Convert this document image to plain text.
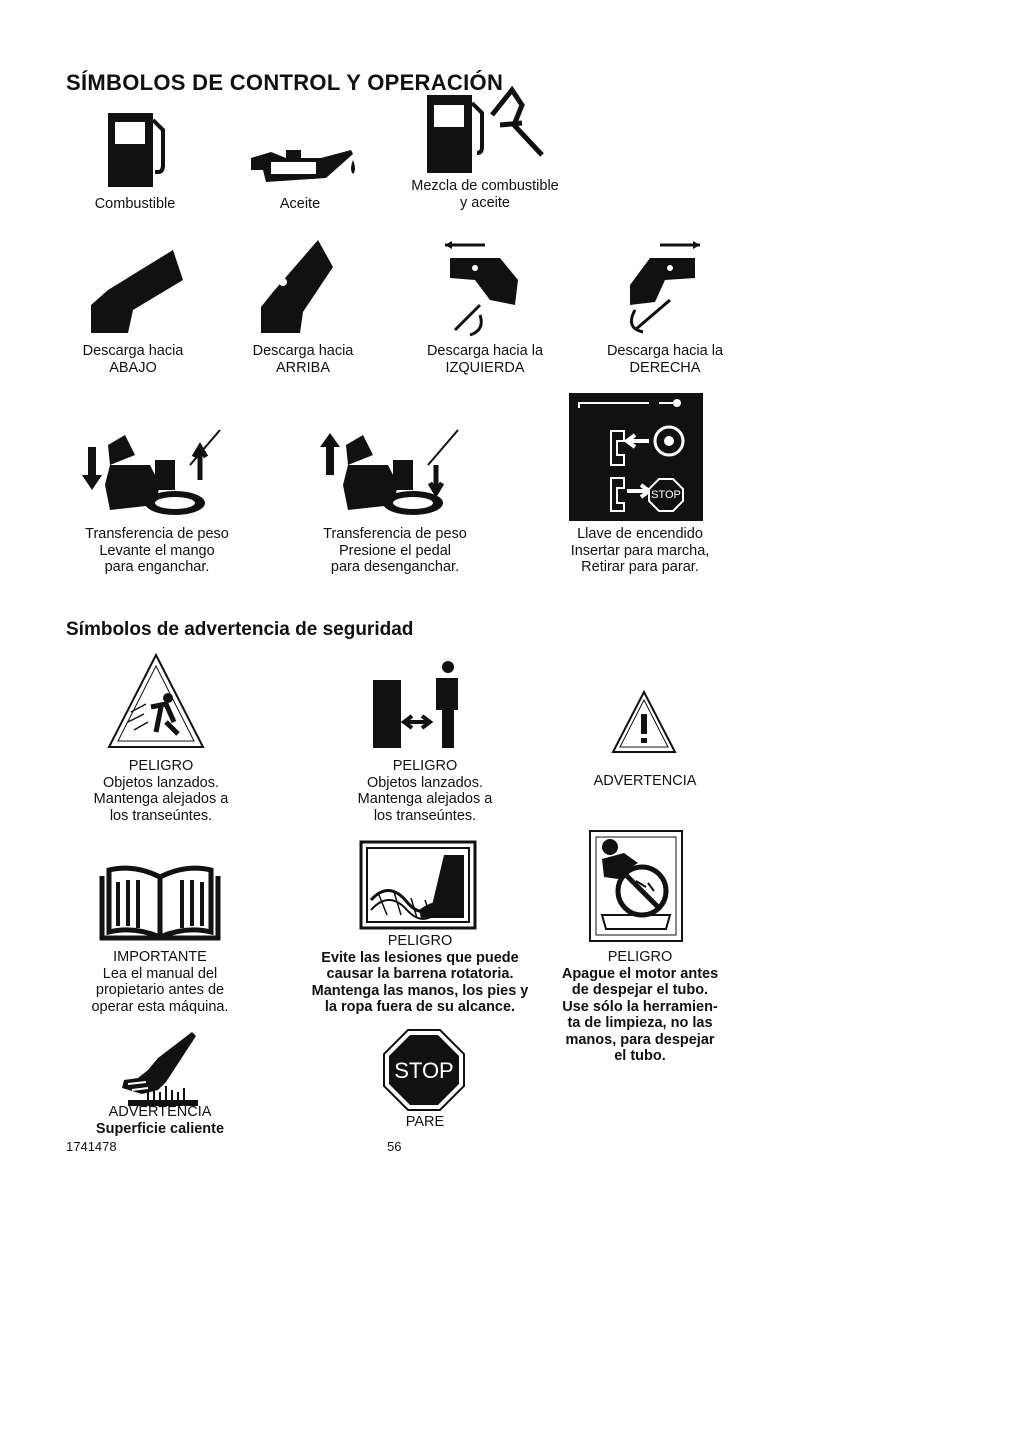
SÍMBOLOS DE CONTROL Y OPERACIÓN
Combustible	Aceite
Mezcla de combustible
y aceite
Descarga hacia
ABAJO
Descarga hacia
ARRIBA
Descarga hacia la
IZQUIERDA
Descarga hacia la
DERECHA
Transferencia de peso
Levante el mango
para enganchar.
Transferencia de peso
Presione el pedal
para desenganchar.
STOP
Llave de encendido
Insertar para marcha,
Retirar para parar.
Símbolos de advertencia de seguridad
PELIGRO
Objetos lanzados.
Mantenga alejados a
los transeúntes.
PELIGRO
Objetos lanzados.
Mantenga alejados a
los transeúntes.
ADVERTENCIA
IMPORTANTE
Lea el manual del
propietario antes de
operar esta máquina.
PELIGRO
Evite las lesiones que puede
causar la barrena rotatoria.
Mantenga las manos, los pies y
la ropa fuera de su alcance.
PELIGRO
Apague el motor antes
de despejar el tubo.
Use sólo la herramien-
ta de limpieza, no las
manos, para despejar
el tubo.
ADVERTENCIA
Superficie caliente
STOP
PARE
1741478	56
